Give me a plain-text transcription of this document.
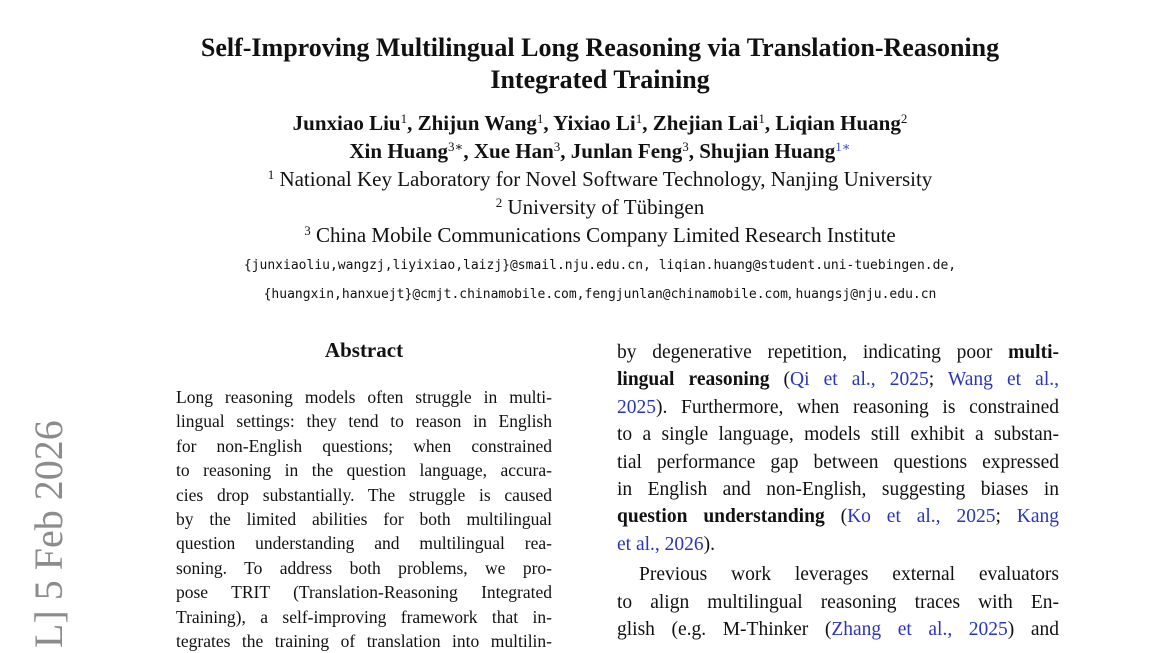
Self-Improving Multilingual Long Reasoning via Translation-Reasoning
Integrated Training
Junxiao Liu$^1$, Zhijun Wang$^1$, Yixiao Li$^1$, Zhejian Lai$^1$, Liqian Huang$^2$
Xin Huang$^{3∗}$, Xue Han$^3$, Junlan Feng$^3$, Shujian Huang$^{1∗}$
$^1$ National Key Laboratory for Novel Software Technology, Nanjing University
$^2$ University of Tübingen
$^3$ China Mobile Communications Company Limited Research Institute
{junxiaoliu,wangzj,liyixiao,laizj}@smail.nju.edu.cn, liqian.huang@student.uni-tuebingen.de,
{huangxin,hanxuejt}@cmjt.chinamobile.com,fengjunlan@chinamobile.com, huangsj@nju.edu.cn
Abstract
Long reasoning models often struggle in multi-
lingual settings: they tend to reason in English
for non-English questions; when constrained
to reasoning in the question language, accura-
cies drop substantially. The struggle is caused
by the limited abilities for both multilingual
question understanding and multilingual rea-
soning. To address both problems, we pro-
pose TRIT (Translation-Reasoning Integrated
Training), a self-improving framework that in-
tegrates the training of translation into multilin-
by degenerative repetition, indicating poor multi-
lingual reasoning (Qi et al., 2025; Wang et al.,
2025). Furthermore, when reasoning is constrained
to a single language, models still exhibit a substan-
tial performance gap between questions expressed
in English and non-English, suggesting biases in
question understanding (Ko et al., 2025; Kang
et al., 2026).
Previous work leverages external evaluators
to align multilingual reasoning traces with En-
glish (e.g. M-Thinker (Zhang et al., 2025) and
L] 5 Feb 2026
